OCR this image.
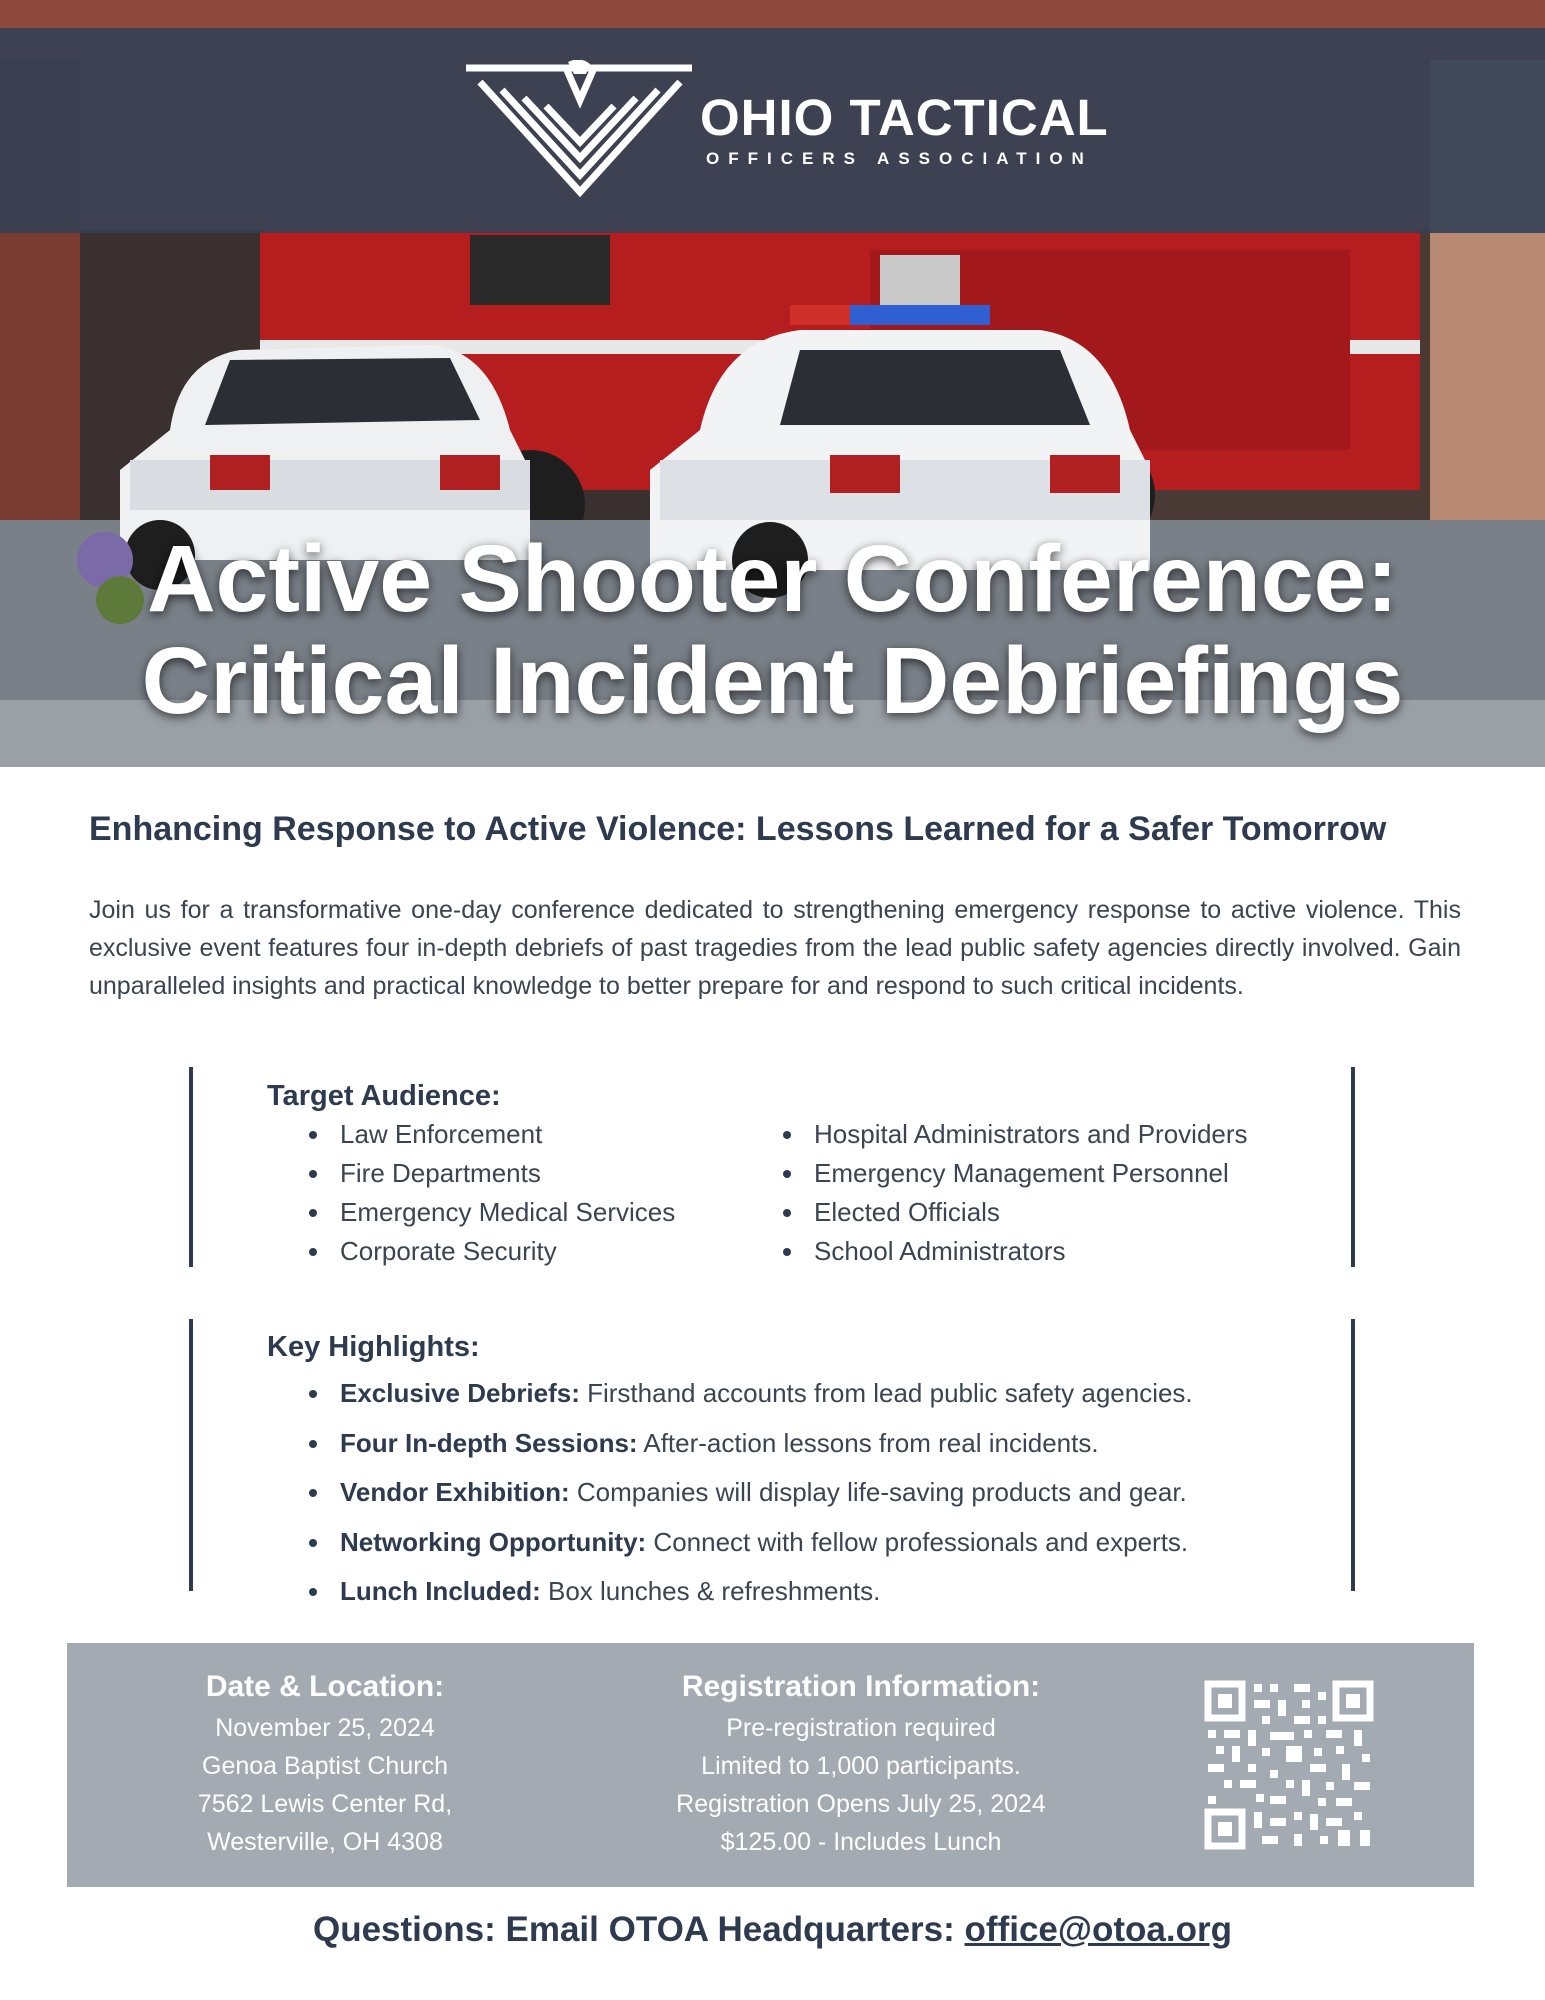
OHIO TACTICAL
OFFICERS ASSOCIATION
Active Shooter Conference:
Critical Incident Debriefings
Enhancing Response to Active Violence: Lessons Learned for a Safer Tomorrow
Join us for a transformative one-day conference dedicated to strengthening emergency response to active violence. This exclusive event features four in-depth debriefs of past tragedies from the lead public safety agencies directly involved. Gain unparalleled insights and practical knowledge to better prepare for and respond to such critical incidents.
Target Audience:
Law Enforcement
Fire Departments
Emergency Medical Services
Corporate Security
Hospital Administrators and Providers
Emergency Management Personnel
Elected Officials
School Administrators
Key Highlights:
Exclusive Debriefs: Firsthand accounts from lead public safety agencies.
Four In-depth Sessions: After-action lessons from real incidents.
Vendor Exhibition: Companies will display life-saving products and gear.
Networking Opportunity: Connect with fellow professionals and experts.
Lunch Included: Box lunches & refreshments.
Date & Location:
November 25, 2024
Genoa Baptist Church
7562 Lewis Center Rd,
Westerville, OH 4308
Registration Information:
Pre-registration required
Limited to 1,000 participants.
Registration Opens July 25, 2024
$125.00 - Includes Lunch
Questions: Email OTOA Headquarters: office@otoa.org
